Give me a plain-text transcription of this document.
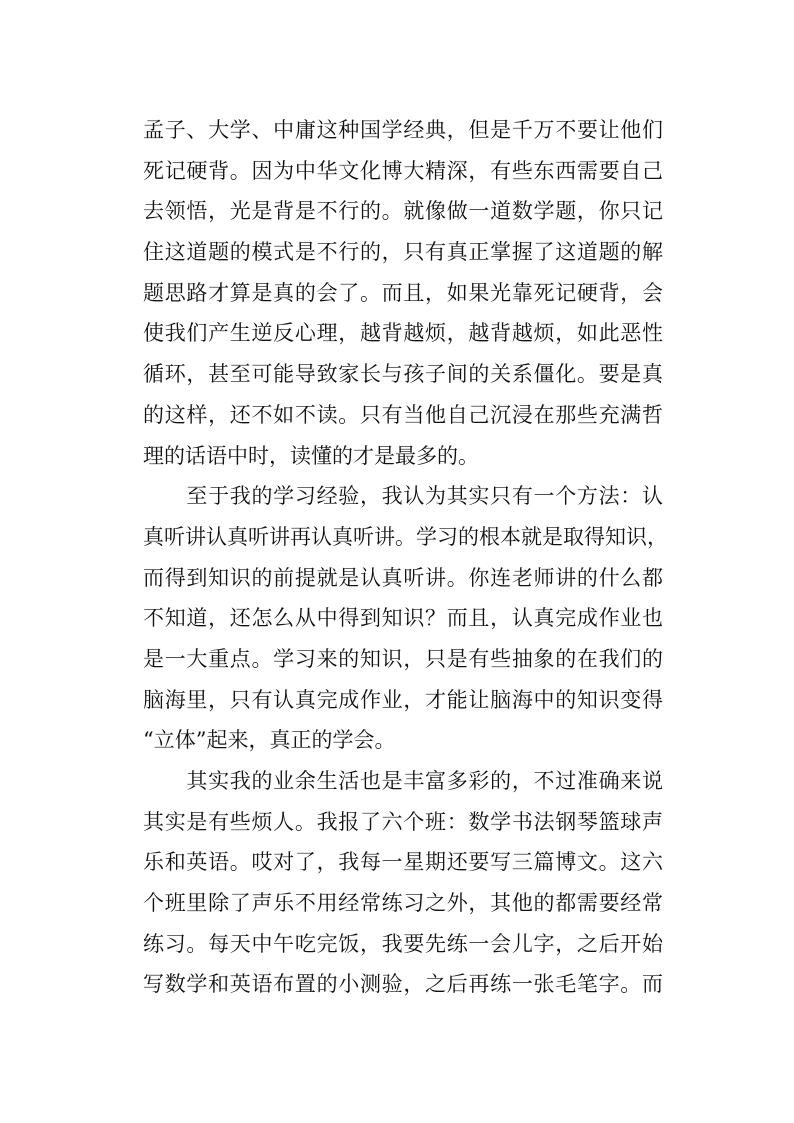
孟子、大学、中庸这种国学经典，但是千万不要让他们
死记硬背。因为中华文化博大精深，有些东西需要自己
去领悟，光是背是不行的。就像做一道数学题，你只记
住这道题的模式是不行的，只有真正掌握了这道题的解
题思路才算是真的会了。而且，如果光靠死记硬背，会
使我们产生逆反心理，越背越烦，越背越烦，如此恶性
循环，甚至可能导致家长与孩子间的关系僵化。要是真
的这样，还不如不读。只有当他自己沉浸在那些充满哲
理的话语中时，读懂的才是最多的。
　　至于我的学习经验，我认为其实只有一个方法：认
真听讲认真听讲再认真听讲。学习的根本就是取得知识，
而得到知识的前提就是认真听讲。你连老师讲的什么都
不知道，还怎么从中得到知识？而且，认真完成作业也
是一大重点。学习来的知识，只是有些抽象的在我们的
脑海里，只有认真完成作业，才能让脑海中的知识变得
“立体”起来，真正的学会。
　　其实我的业余生活也是丰富多彩的，不过准确来说
其实是有些烦人。我报了六个班：数学书法钢琴篮球声
乐和英语。哎对了，我每一星期还要写三篇博文。这六
个班里除了声乐不用经常练习之外，其他的都需要经常
练习。每天中午吃完饭，我要先练一会儿字，之后开始
写数学和英语布置的小测验，之后再练一张毛笔字。而
